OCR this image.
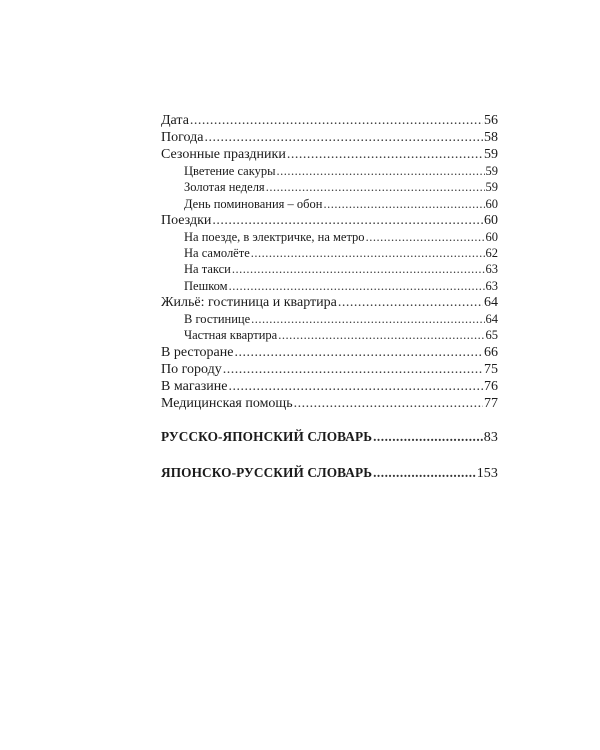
Дата .....	56
Погода .....	58
Сезонные праздники .....	59
Цветение сакуры .....	59
Золотая неделя .....	59
День поминования – обон .....	60
Поездки .....	60
На поезде, в электричке, на метро .....	60
На самолёте .....	62
На такси .....	63
Пешком .....	63
Жильё: гостиница и квартира .....	64
В гостинице .....	64
Частная квартира .....	65
В ресторане .....	66
По городу .....	75
В магазине .....	76
Медицинская помощь .....	77
РУССКО-ЯПОНСКИЙ СЛОВАРЬ .....	83
ЯПОНСКО-РУССКИЙ СЛОВАРЬ .....	153
